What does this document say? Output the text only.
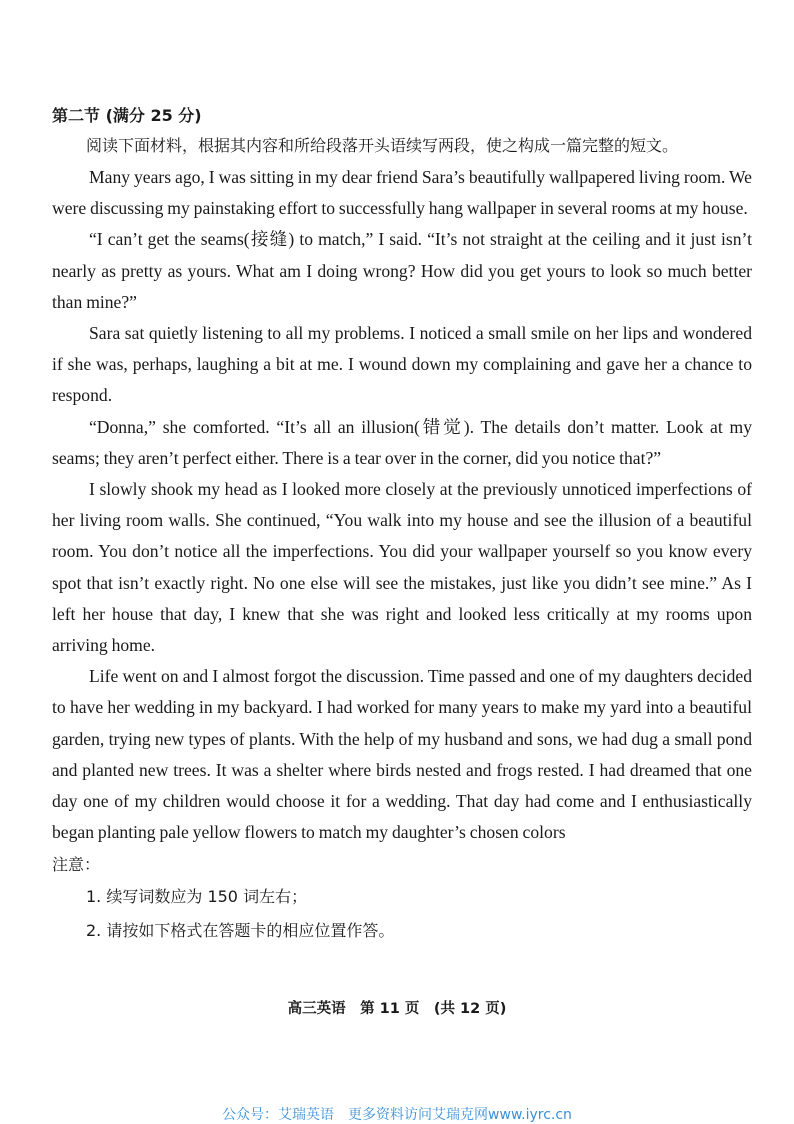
第二节 (满分 25 分)

阅读下面材料，根据其内容和所给段落开头语续写两段，使之构成一篇完整的短文。

Many years ago, I was sitting in my dear friend Sara’s beautifully wallpapered living room. We were discussing my painstaking effort to successfully hang wallpaper in several rooms at my house.

“I can’t get the seams(接缝) to match,” I said. “It’s not straight at the ceiling and it just isn’t nearly as pretty as yours. What am I doing wrong? How did you get yours to look so much better than mine?”

Sara sat quietly listening to all my problems. I noticed a small smile on her lips and wondered if she was, perhaps, laughing a bit at me. I wound down my complaining and gave her a chance to respond.

“Donna,” she comforted. “It’s all an illusion(错觉). The details don’t matter. Look at my seams; they aren’t perfect either. There is a tear over in the corner, did you notice that?”

I slowly shook my head as I looked more closely at the previously unnoticed imperfections of her living room walls. She continued, “You walk into my house and see the illusion of a beautiful room. You don’t notice all the imperfections. You did your wallpaper yourself so you know every spot that isn’t exactly right. No one else will see the mistakes, just like you didn’t see mine.” As I left her house that day, I knew that she was right and looked less critically at my rooms upon arriving home.

Life went on and I almost forgot the discussion. Time passed and one of my daughters decided to have her wedding in my backyard. I had worked for many years to make my yard into a beautiful garden, trying new types of plants. With the help of my husband and sons, we had dug a small pond and planted new trees. It was a shelter where birds nested and frogs rested. I had dreamed that one day one of my children would choose it for a wedding. That day had come and I enthusiastically began planting pale yellow flowers to match my daughter’s chosen colors

注意：

1. 续写词数应为 150 词左右；

2. 请按如下格式在答题卡的相应位置作答。

高三英语　第 11 页　(共 12 页)
公众号：艾瑞英语　更多资料访问艾瑞克网www.iyrc.cn
